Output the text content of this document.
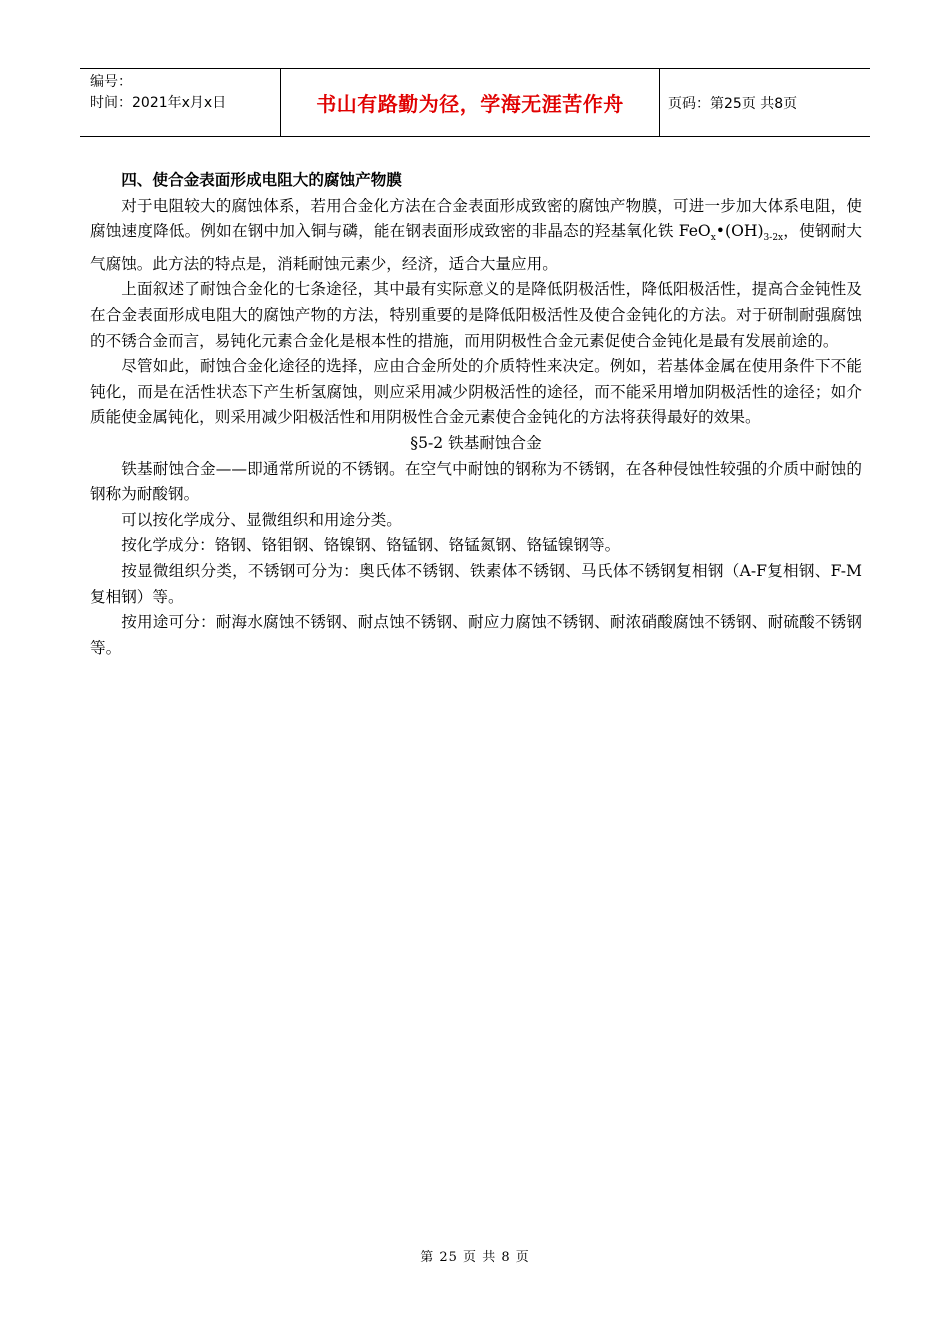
编号：
时间：2021年x月x日	书山有路勤为径，学海无涯苦作舟	页码：第25页 共8页

四、使合金表面形成电阻大的腐蚀产物膜

对于电阻较大的腐蚀体系，若用合金化方法在合金表面形成致密的腐蚀产物膜，可进一步加大体系电阻，使腐蚀速度降低。例如在钢中加入铜与磷，能在钢表面形成致密的非晶态的羟基氧化铁 $FeO_x•(OH)_{3-2x}$，使钢耐大气腐蚀。此方法的特点是，消耗耐蚀元素少，经济，适合大量应用。

上面叙述了耐蚀合金化的七条途径，其中最有实际意义的是降低阴极活性，降低阳极活性，提高合金钝性及在合金表面形成电阻大的腐蚀产物的方法，特别重要的是降低阳极活性及使合金钝化的方法。对于研制耐强腐蚀的不锈合金而言，易钝化元素合金化是根本性的措施，而用阴极性合金元素促使合金钝化是最有发展前途的。

尽管如此，耐蚀合金化途径的选择，应由合金所处的介质特性来决定。例如，若基体金属在使用条件下不能钝化，而是在活性状态下产生析氢腐蚀，则应采用减少阴极活性的途径，而不能采用增加阴极活性的途径；如介质能使金属钝化，则采用减少阳极活性和用阴极性合金元素使合金钝化的方法将获得最好的效果。

§5-2 铁基耐蚀合金

铁基耐蚀合金——即通常所说的不锈钢。在空气中耐蚀的钢称为不锈钢，在各种侵蚀性较强的介质中耐蚀的钢称为耐酸钢。

可以按化学成分、显微组织和用途分类。

按化学成分：铬钢、铬钼钢、铬镍钢、铬锰钢、铬锰氮钢、铬锰镍钢等。

按显微组织分类，不锈钢可分为：奥氏体不锈钢、铁素体不锈钢、马氏体不锈钢复相钢（A-F复相钢、F-M复相钢）等。

按用途可分：耐海水腐蚀不锈钢、耐点蚀不锈钢、耐应力腐蚀不锈钢、耐浓硝酸腐蚀不锈钢、耐硫酸不锈钢等。

第 25 页 共 8 页
